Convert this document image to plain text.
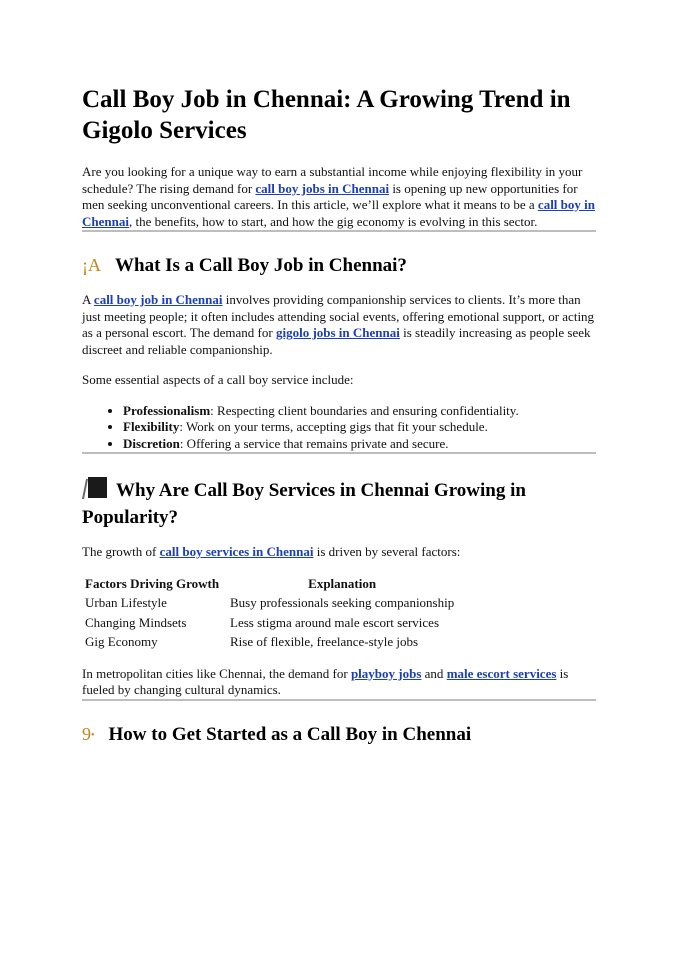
Call Boy Job in Chennai: A Growing Trend in Gigolo Services

Are you looking for a unique way to earn a substantial income while enjoying flexibility in your schedule? The rising demand for call boy jobs in Chennai is opening up new opportunities for men seeking unconventional careers. In this article, we’ll explore what it means to be a call boy in Chennai, the benefits, how to start, and how the gig economy is evolving in this sector.

¡A What Is a Call Boy Job in Chennai?

A call boy job in Chennai involves providing companionship services to clients. It’s more than just meeting people; it often includes attending social events, offering emotional support, or acting as a personal escort. The demand for gigolo jobs in Chennai is steadily increasing as people seek discreet and reliable companionship.

Some essential aspects of a call boy service include:

• Professionalism: Respecting client boundaries and ensuring confidentiality.
• Flexibility: Work on your terms, accepting gigs that fit your schedule.
• Discretion: Offering a service that remains private and secure.
Why Are Call Boy Services in Chennai Growing in Popularity?

The growth of call boy services in Chennai is driven by several factors:

Factors Driving Growth	Explanation
Urban Lifestyle	Busy professionals seeking companionship
Changing Mindsets	Less stigma around male escort services
Gig Economy	Rise of flexible, freelance-style jobs

In metropolitan cities like Chennai, the demand for playboy jobs and male escort services is fueled by changing cultural dynamics.

9• How to Get Started as a Call Boy in Chennai
